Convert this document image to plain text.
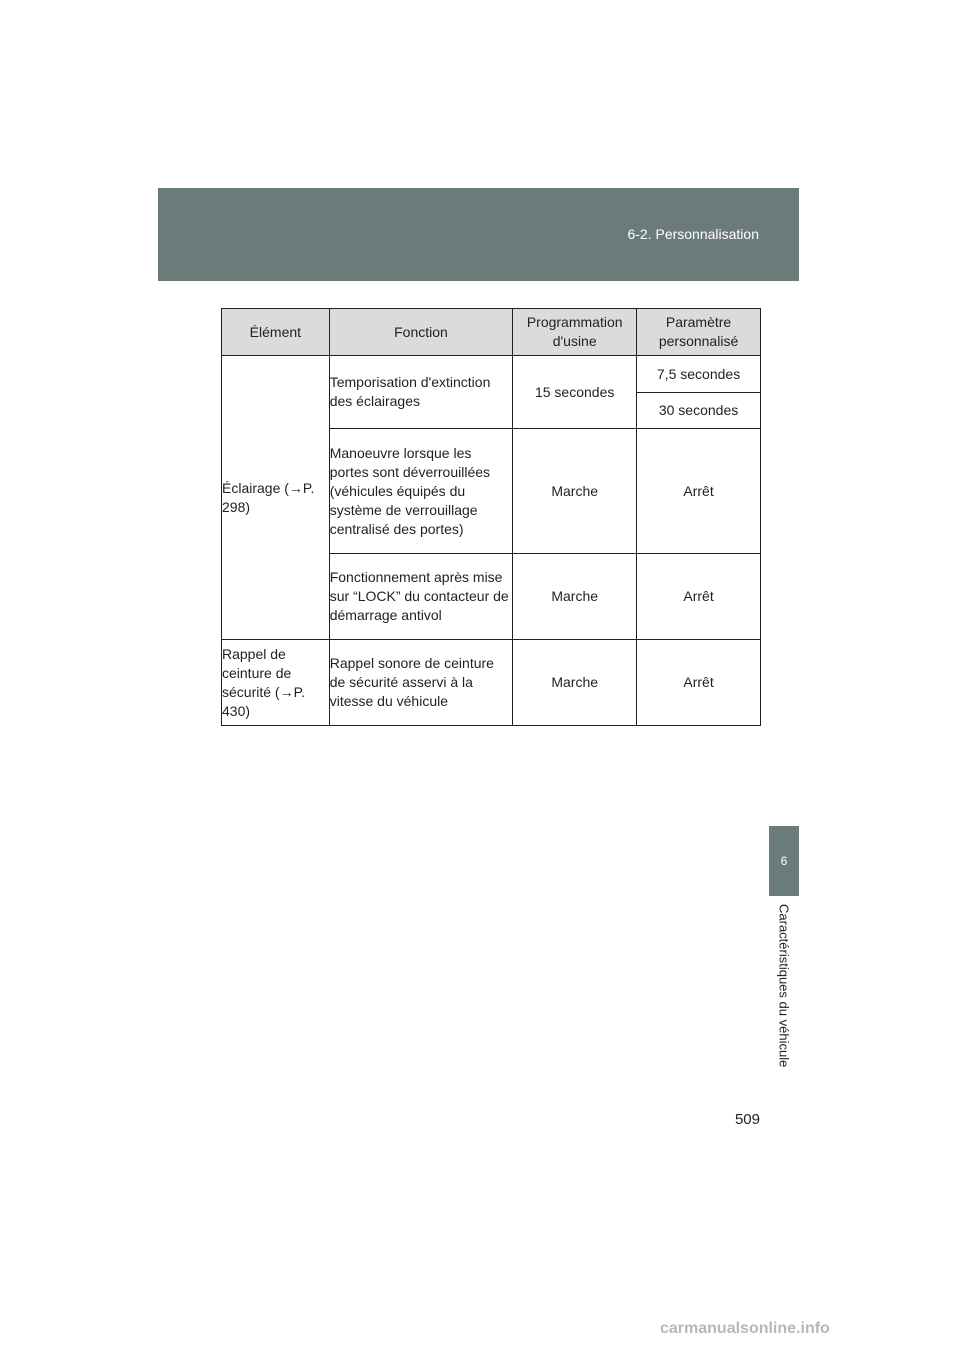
6-2. Personnalisation
6
Caractéristiques du véhicule
Élément	Fonction	Programmation d'usine	Paramètre personnalisé

Éclairage (→P. 298)	Temporisation d'extinction des éclairages	15 secondes	7,5 secondes
			30 secondes
	Manoeuvre lorsque les portes sont déverrouillées (véhicules équipés du système de verrouillage centralisé des portes)	Marche	Arrêt
	Fonctionnement après mise sur “LOCK” du contacteur de démarrage antivol	Marche	Arrêt

Rappel de ceinture de sécurité (→P. 430)	Rappel sonore de ceinture de sécurité asservi à la vitesse du véhicule	Marche	Arrêt
509
carmanualsonline.info
